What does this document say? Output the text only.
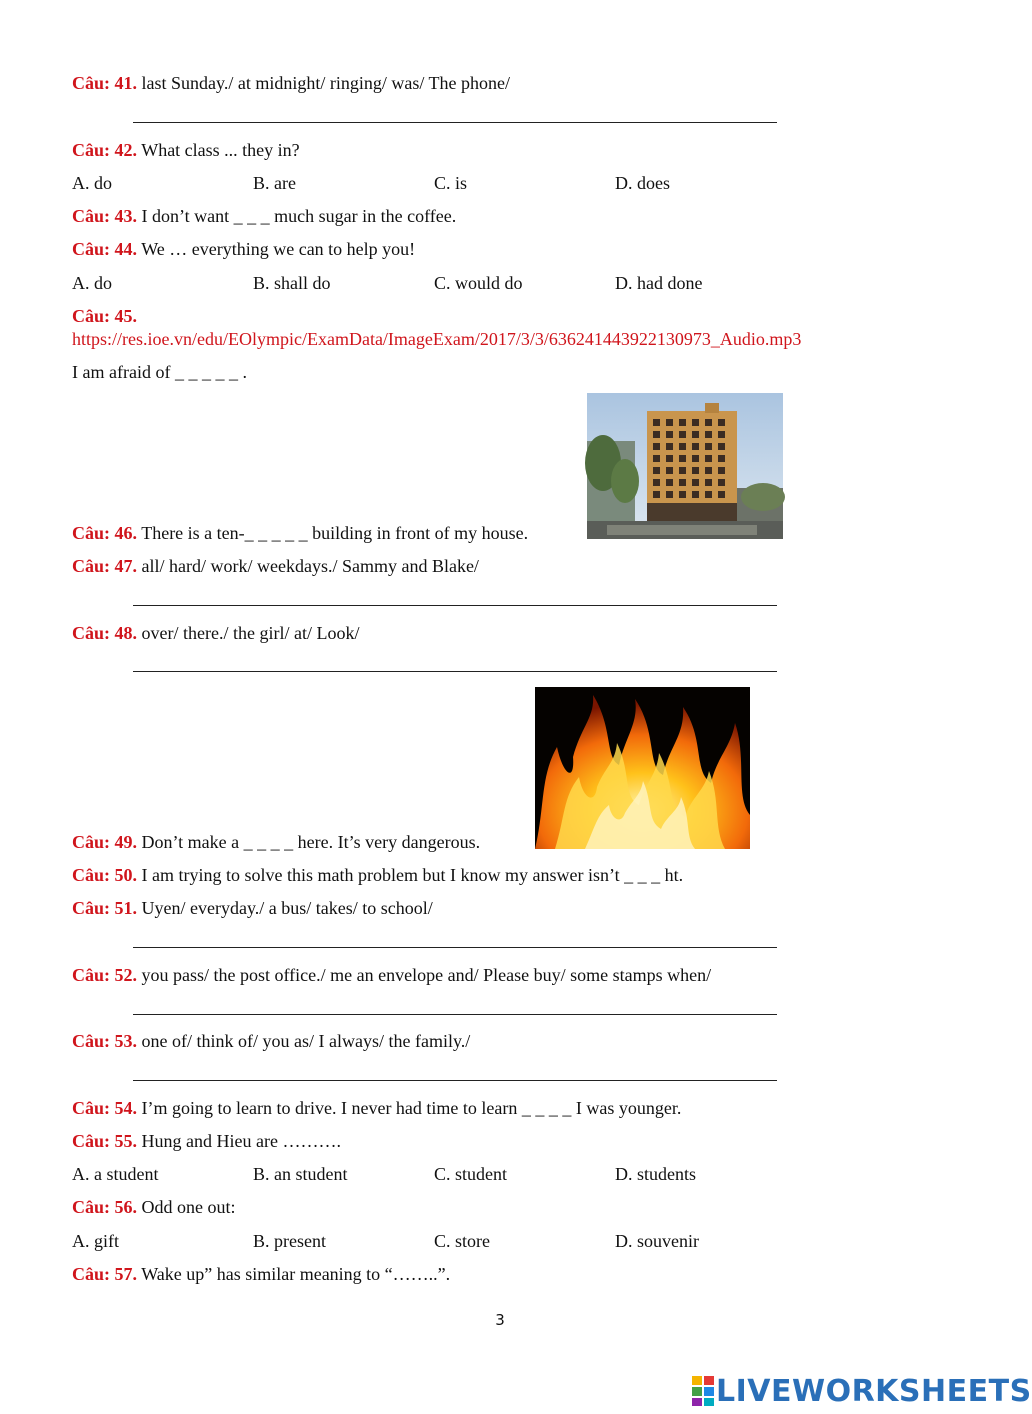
Câu: 41. last Sunday./ at midnight/ ringing/ was/ The phone/
Câu: 42. What class ... they in?
A. do	B. are	C. is	D. does
Câu: 43. I don’t want _ _ _ much sugar in the coffee.
Câu: 44. We … everything we can to help you!
A. do	B. shall do	C. would do	D. had done
Câu: 45.
https://res.ioe.vn/edu/EOlympic/ExamData/ImageExam/2017/3/3/636241443922130973_Audio.mp3
I am afraid of _ _ _ _ _ .
Câu: 46. There is a ten-_ _ _ _ _ building in front of my house.
Câu: 47. all/ hard/ work/ weekdays./ Sammy and Blake/
Câu: 48. over/ there./ the girl/ at/ Look/
Câu: 49. Don’t make a _ _ _ _ here. It’s very dangerous.
Câu: 50. I am trying to solve this math problem but I know my answer isn’t _ _ _ ht.
Câu: 51. Uyen/ everyday./ a bus/ takes/ to school/
Câu: 52. you pass/ the post office./ me an envelope and/ Please buy/ some stamps when/
Câu: 53. one of/ think of/ you as/ I always/ the family./
Câu: 54. I’m going to learn to drive. I never had time to learn _ _ _ _ I was younger.
Câu: 55. Hung and Hieu are ……….
A. a student	B. an student	C. student	D. students
Câu: 56. Odd one out:
A. gift	B. present	C. store	D. souvenir
Câu: 57. Wake up” has similar meaning to “……..”.
3
LIVEWORKSHEETS
